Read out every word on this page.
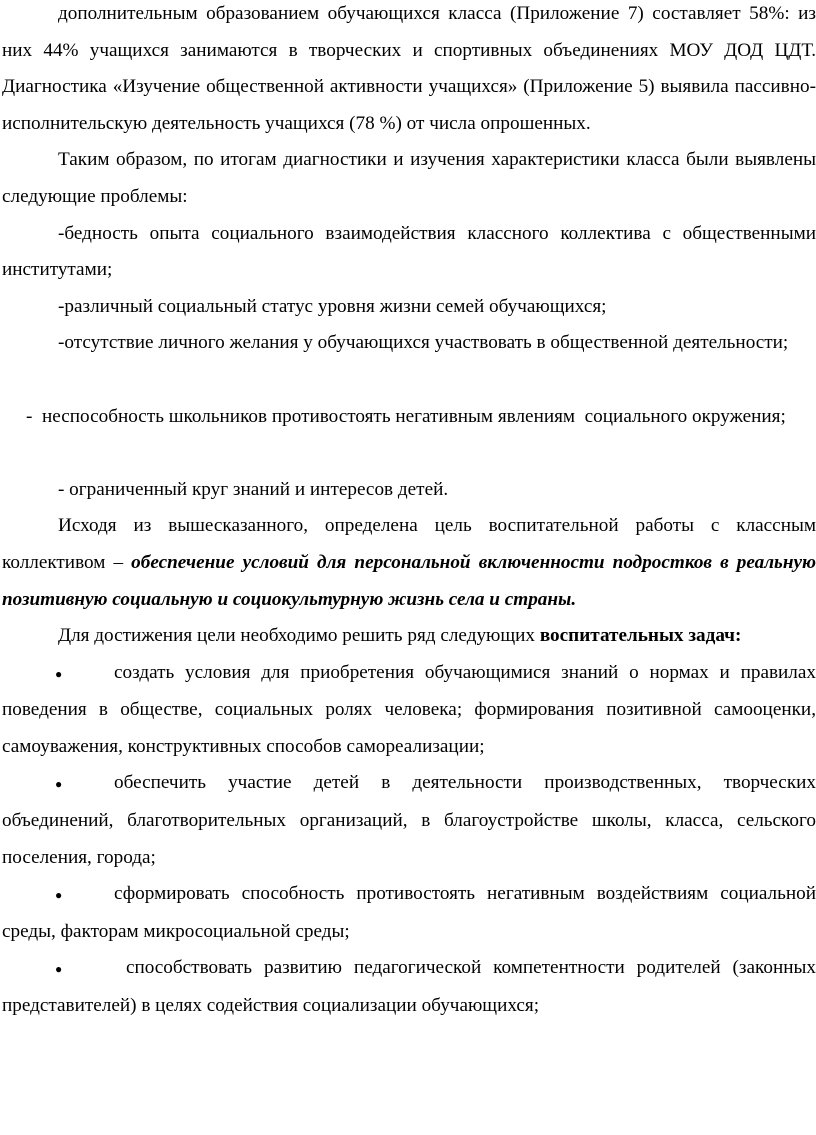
дополнительным образованием обучающихся класса (Приложение 7) составляет 58%: из них 44% учащихся занимаются в творческих и спортивных объединениях МОУ ДОД ЦДТ. Диагностика «Изучение общественной активности учащихся» (Приложение 5) выявила пассивно-исполнительскую деятельность учащихся (78 %) от числа опрошенных.

Таким образом, по итогам диагностики и изучения характеристики класса были выявлены следующие проблемы:

-бедность опыта социального взаимодействия классного коллектива с общественными институтами;

-различный социальный статус уровня жизни семей обучающихся;

-отсутствие личного желания у обучающихся участвовать в общественной деятельности;

-  неспособность школьников противостоять негативным явлениям  социального окружения;

- ограниченный круг знаний и интересов детей.

Исходя из вышесказанного, определена цель воспитательной работы с классным коллективом – обеспечение условий для персональной включенности подростков в реальную позитивную социальную и социокультурную жизнь села и страны.

Для достижения цели необходимо решить ряд следующих воспитательных задач:

●	создать условия для приобретения обучающимися знаний о нормах и правилах поведения в обществе, социальных ролях человека; формирования позитивной самооценки, самоуважения, конструктивных способов самореализации;

●	обеспечить участие детей в деятельности производственных, творческих объединений, благотворительных организаций, в благоустройстве школы, класса, сельского поселения, города;

●	сформировать способность противостоять негативным воздействиям социальной среды, факторам микросоциальной среды;

●	способствовать развитию педагогической компетентности родителей (законных представителей) в целях содействия социализации обучающихся;
